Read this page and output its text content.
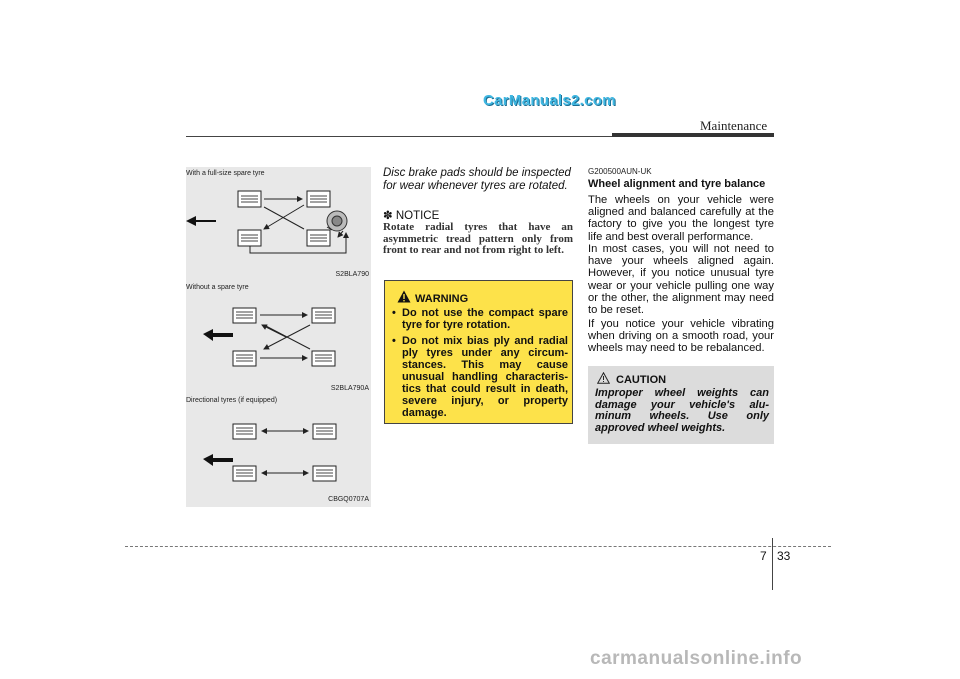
CarManuals2.com
Maintenance
With a full-size spare tyre
S2BLA790
Without a spare tyre
S2BLA790A
Directional tyres (if equipped)
CBGQ0707A
Disc brake pads should be inspected for wear whenever tyres are rotated.
✽ NOTICE
Rotate radial tyres that have an asymmetric tread pattern only from front to rear and not from right to left.
WARNING
• Do not use the compact spare tyre for tyre rotation.
• Do not mix bias ply and radial ply tyres under any circum-stances. This may cause unusual handling characteris-tics that could result in death, severe injury, or property damage.
G200500AUN-UK
Wheel alignment and tyre balance

The wheels on your vehicle were aligned and balanced carefully at the factory to give you the longest tyre life and best overall performance.

In most cases, you will not need to have your wheels aligned again. However, if you notice unusual tyre wear or your vehicle pulling one way or the other, the alignment may need to be reset.

If you notice your vehicle vibrating when driving on a smooth road, your wheels may need to be rebalanced.

CAUTION
Improper wheel weights can damage your vehicle's alu-minum wheels. Use only approved wheel weights.
7 33
carmanualsonline.info
